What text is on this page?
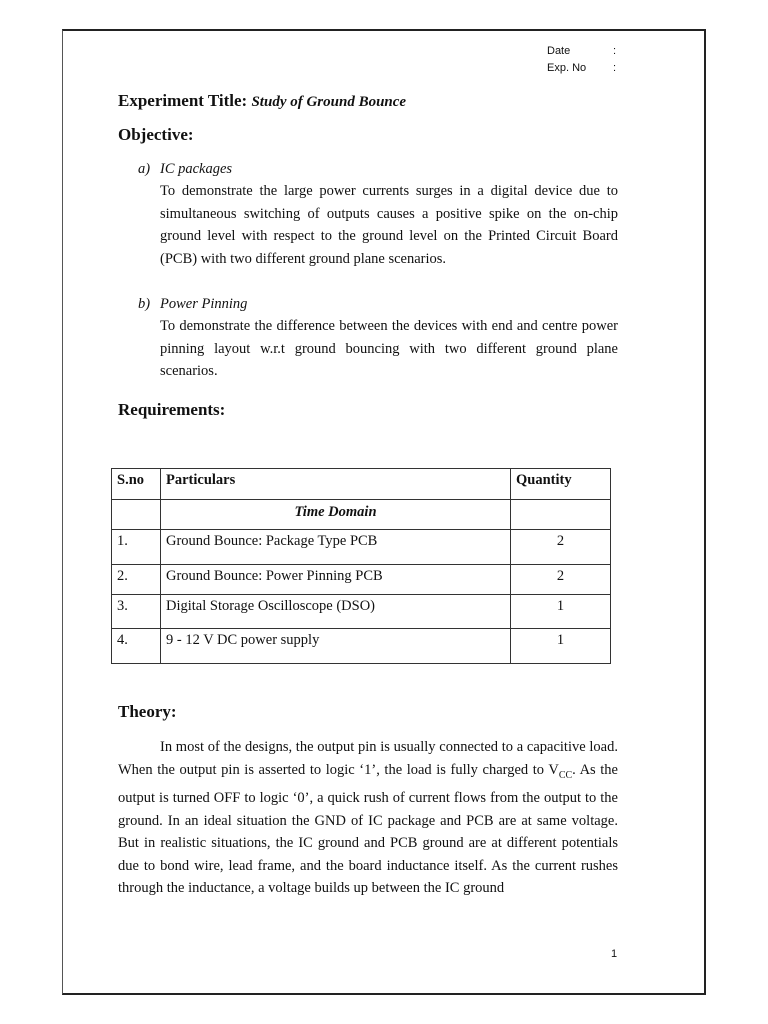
Date	:
Exp. No	:
Experiment Title: Study of Ground Bounce
Objective:
a) IC packages
To demonstrate the large power currents surges in a digital device due to simultaneous switching of outputs causes a positive spike on the on-chip ground level with respect to the ground level on the Printed Circuit Board (PCB) with two different ground plane scenarios.
b) Power Pinning
To demonstrate the difference between the devices with end and centre power pinning layout w.r.t ground bouncing with two different ground plane scenarios.
Requirements:
S.no	Particulars	Quantity
	Time Domain	
1.	Ground Bounce: Package Type PCB	2
2.	Ground Bounce: Power Pinning PCB	2
3.	Digital Storage Oscilloscope (DSO)	1
4.	9 - 12 V DC power supply	1
Theory:

In most of the designs, the output pin is usually connected to a capacitive load. When the output pin is asserted to logic ‘1’, the load is fully charged to $V_{CC}$. As the output is turned OFF to logic ‘0’, a quick rush of current flows from the output to the ground. In an ideal situation the GND of IC package and PCB are at same voltage. But in realistic situations, the IC ground and PCB ground are at different potentials due to bond wire, lead frame, and the board inductance itself. As the current rushes through the inductance, a voltage builds up between the IC ground

1
